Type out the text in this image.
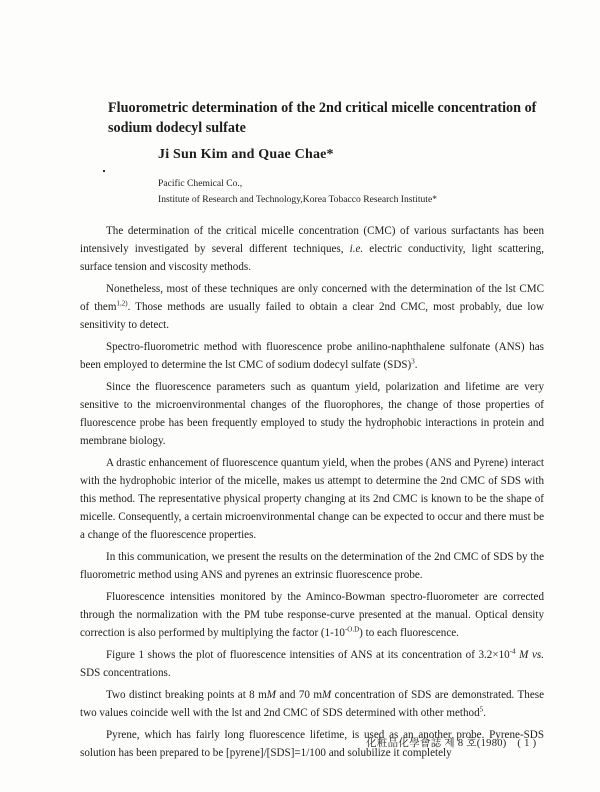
Fluorometric determination of the 2nd critical micelle concentration of sodium dodecyl sulfate
Ji Sun Kim and Quae Chae*
Pacific Chemical Co.,
Institute of Research and Technology,Korea Tobacco Research Institute*

The determination of the critical micelle concentration (CMC) of various surfactants has been intensively investigated by several different techniques, i.e. electric conductivity, light scattering, surface tension and viscosity methods.

Nonetheless, most of these techniques are only concerned with the determination of the lst CMC of them$^{1,2)}$. Those methods are usually failed to obtain a clear 2nd CMC, most probably, due low sensitivity to detect.

Spectro-fluorometric method with fluorescence probe anilino-naphthalene sulfonate (ANS) has been employed to determine the lst CMC of sodium dodecyl sulfate (SDS)$^3$.

Since the fluorescence parameters such as quantum yield, polarization and lifetime are very sensitive to the microenvironmental changes of the fluorophores, the change of those properties of fluorescence probe has been frequently employed to study the hydrophobic interactions in protein and membrane biology.

A drastic enhancement of fluorescence quantum yield, when the probes (ANS and Pyrene) interact with the hydrophobic interior of the micelle, makes us attempt to determine the 2nd CMC of SDS with this method. The representative physical property changing at its 2nd CMC is known to be the shape of micelle. Consequently, a certain microenvironmental change can be expected to occur and there must be a change of the fluorescence properties.

In this communication, we present the results on the determination of the 2nd CMC of SDS by the fluorometric method using ANS and pyrenes an extrinsic fluorescence probe.

Fluorescence intensities monitored by the Aminco-Bowman spectro-fluorometer are corrected through the normalization with the PM tube response-curve presented at the manual. Optical density correction is also performed by multiplying the factor $(1-10^{-O.D})$ to each fluorescence.

Figure 1 shows the plot of fluorescence intensities of ANS at its concentration of $3.2\times 10^{-4}$ M vs. SDS concentrations.

Two distinct breaking points at 8 mM and 70 mM concentration of SDS are demonstrated. These two values coincide well with the lst and 2nd CMC of SDS determined with other method$^5$.

Pyrene, which has fairly long fluorescence lifetime, is used as an another probe. Pyrene-SDS solution has been prepared to be [pyrene]/[SDS]=1/100 and solubilize it completely

化粧品化學會誌 제 8 호(1980)　( 1 )
